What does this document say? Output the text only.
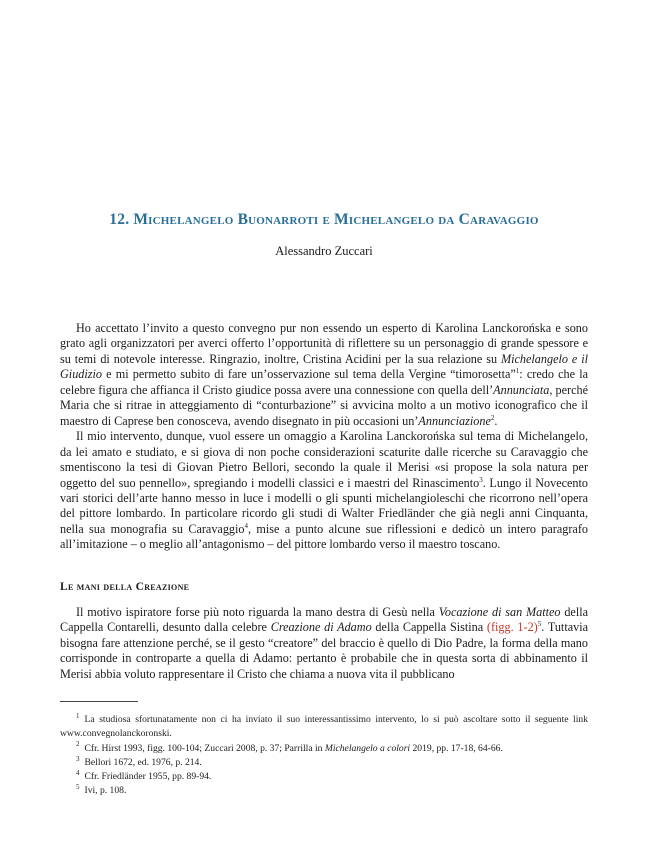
12. Michelangelo Buonarroti e Michelangelo da Caravaggio
Alessandro Zuccari

Ho accettato l’invito a questo convegno pur non essendo un esperto di Karolina Lanckorońska e sono grato agli organizzatori per averci offerto l’opportunità di riflettere su un personaggio di grande spessore e su temi di notevole interesse. Ringrazio, inoltre, Cristina Acidini per la sua relazione su Michelangelo e il Giudizio e mi permetto subito di fare un’osservazione sul tema della Vergine “timorosetta”$^1$: credo che la celebre figura che affianca il Cristo giudice possa avere una connessione con quella dell’Annunciata, perché Maria che si ritrae in atteggiamento di “conturbazione” si avvicina molto a un motivo iconografico che il maestro di Caprese ben conosceva, avendo disegnato in più occasioni un’Annunciazione$^2$.

Il mio intervento, dunque, vuol essere un omaggio a Karolina Lanckorońska sul tema di Michelangelo, da lei amato e studiato, e si giova di non poche considerazioni scaturite dalle ricerche su Caravaggio che smentiscono la tesi di Giovan Pietro Bellori, secondo la quale il Merisi «si propose la sola natura per oggetto del suo pennello», spregiando i modelli classici e i maestri del Rinascimento$^3$. Lungo il Novecento vari storici dell’arte hanno messo in luce i modelli o gli spunti michelangioleschi che ricorrono nell’opera del pittore lombardo. In particolare ricordo gli studi di Walter Friedländer che già negli anni Cinquanta, nella sua monografia su Caravaggio$^4$, mise a punto alcune sue riflessioni e dedicò un intero paragrafo all’imitazione – o meglio all’antagonismo – del pittore lombardo verso il maestro toscano.

Le mani della Creazione

Il motivo ispiratore forse più noto riguarda la mano destra di Gesù nella Vocazione di san Matteo della Cappella Contarelli, desunto dalla celebre Creazione di Adamo della Cappella Sistina (figg. 1-2)$^5$. Tuttavia bisogna fare attenzione perché, se il gesto “creatore” del braccio è quello di Dio Padre, la forma della mano corrisponde in controparte a quella di Adamo: pertanto è probabile che in questa sorta di abbinamento il Merisi abbia voluto rappresentare il Cristo che chiama a nuova vita il pubblicano

$^1$ La studiosa sfortunatamente non ci ha inviato il suo interessantissimo intervento, lo si può ascoltare sotto il seguente link www.convegnolanckoronski.
$^2$ Cfr. Hirst 1993, figg. 100-104; Zuccari 2008, p. 37; Parrilla in Michelangelo a colori 2019, pp. 17-18, 64-66.
$^3$ Bellori 1672, ed. 1976, p. 214.
$^4$ Cfr. Friedländer 1955, pp. 89-94.
$^5$ Ivi, p. 108.
